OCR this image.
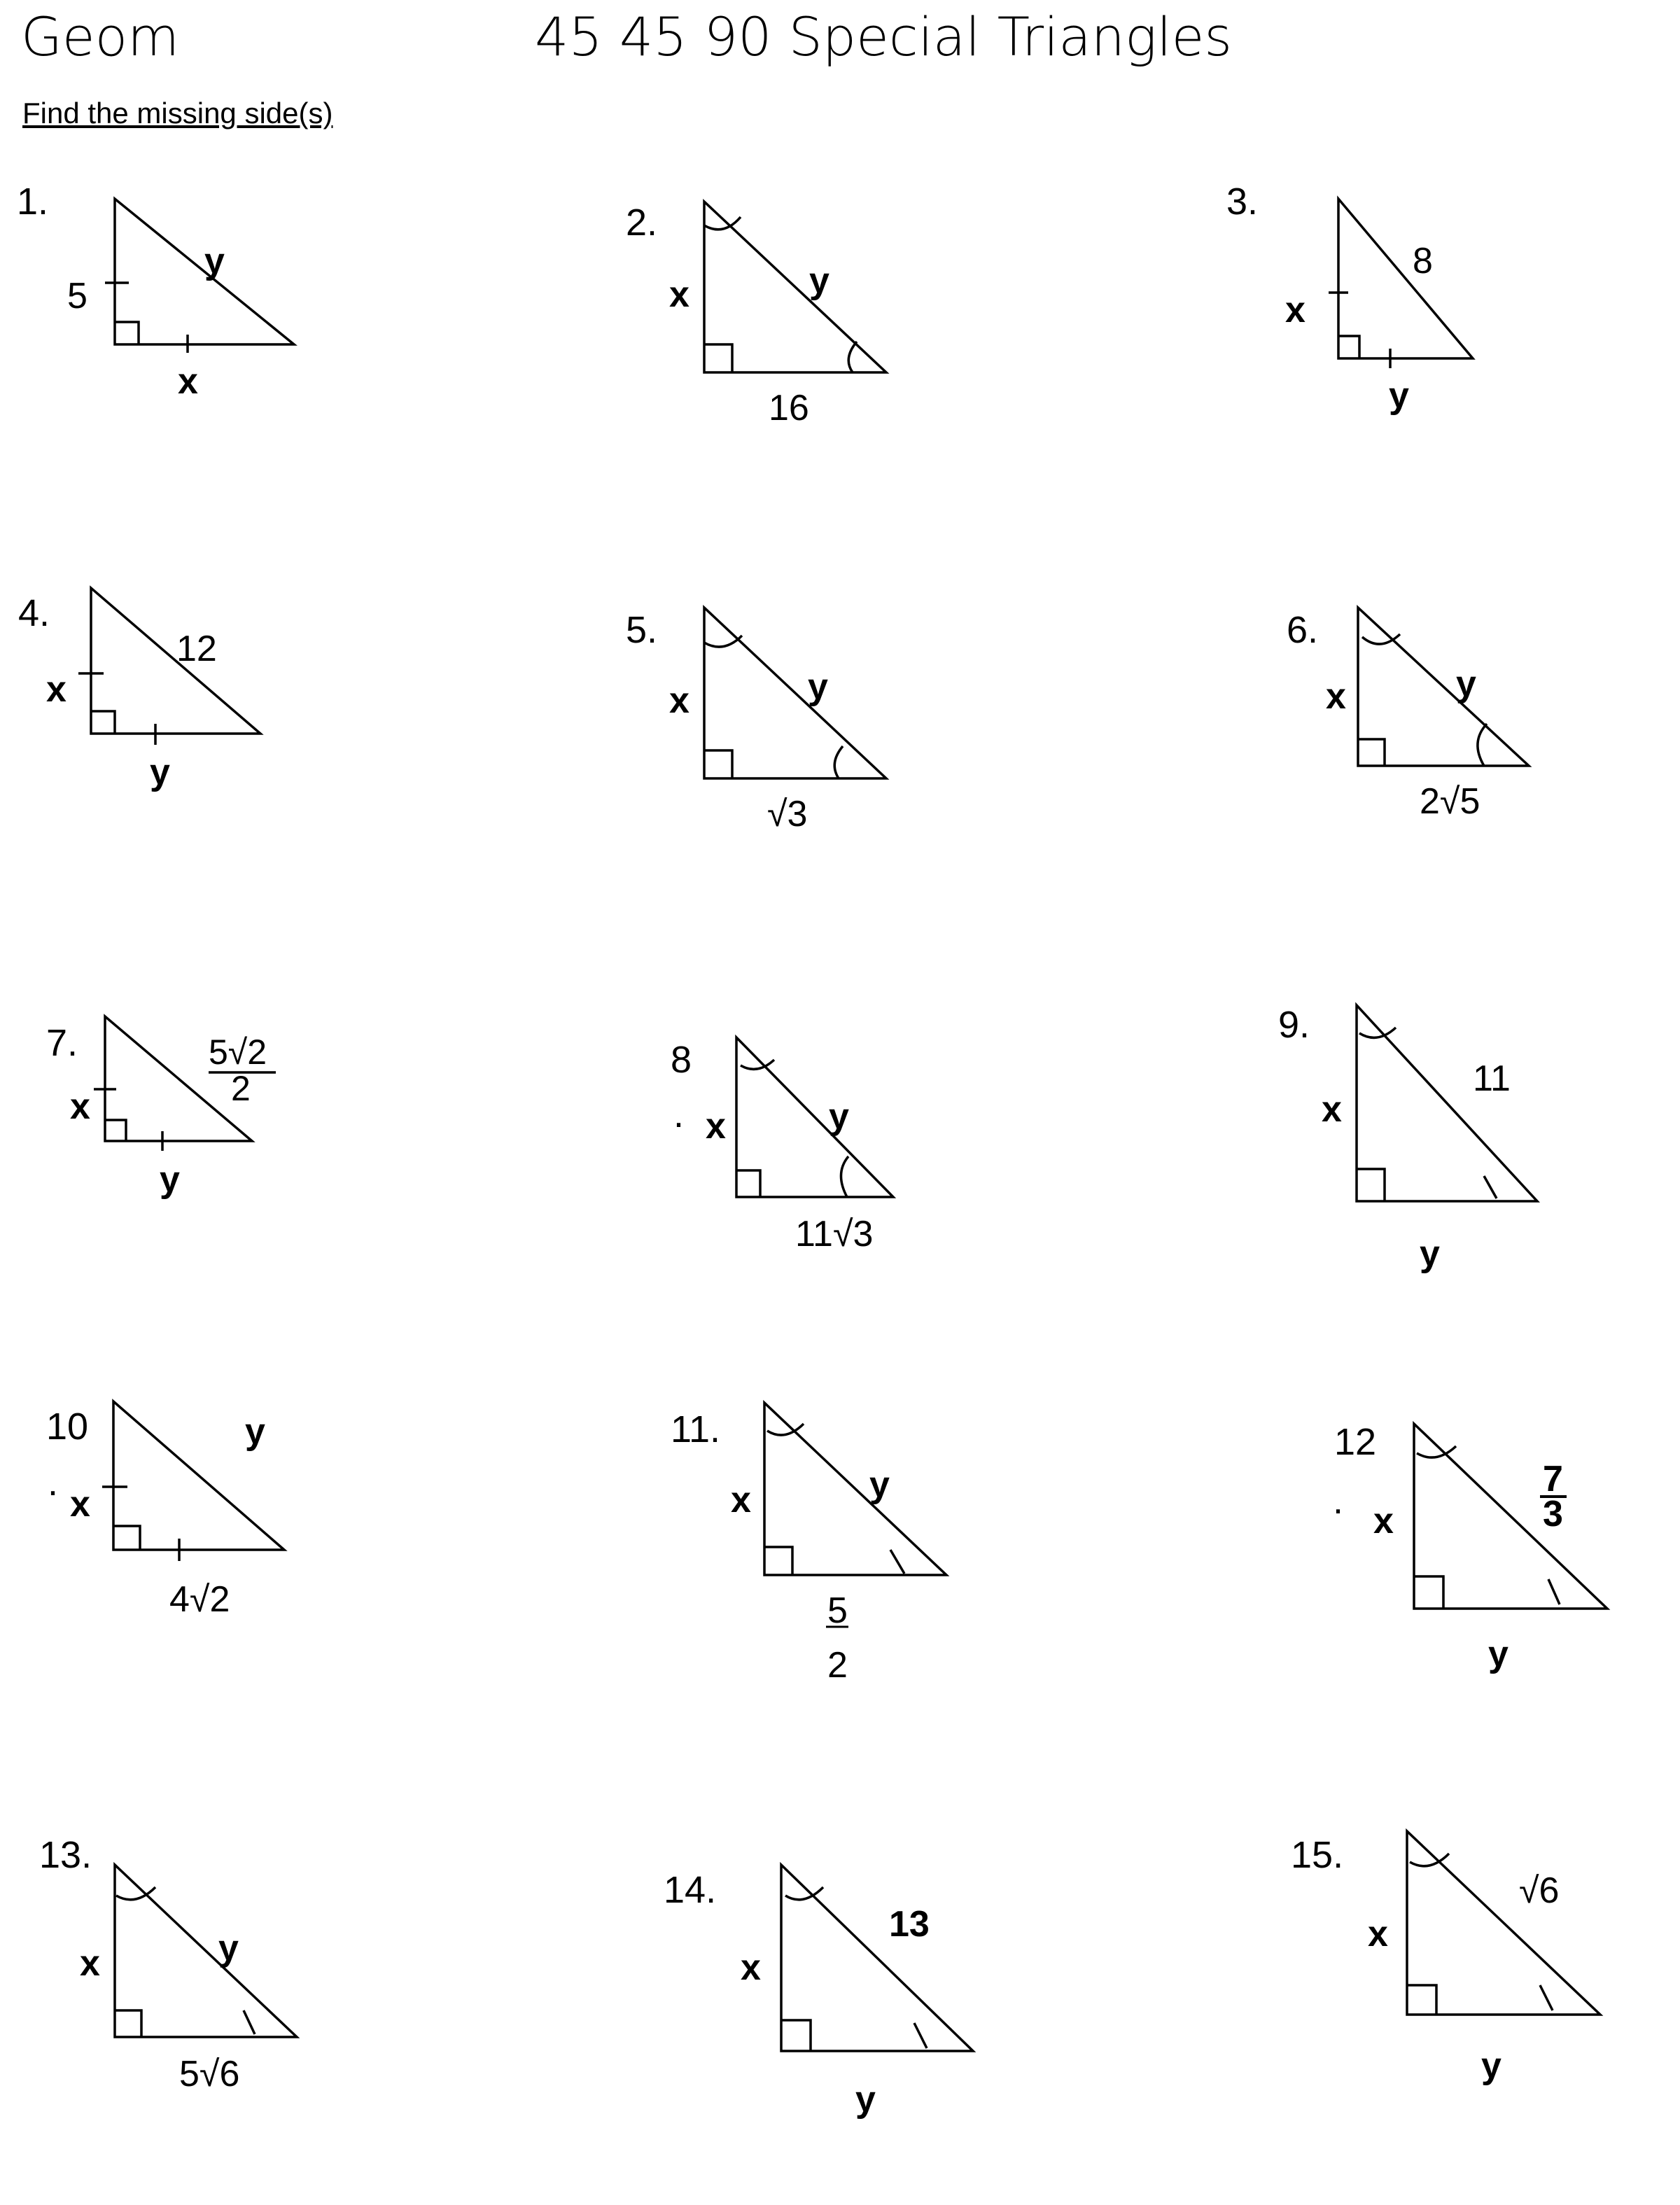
Geom	45 45 90 Special Triangles
Find the missing side(s)
1.	2.	3.
4.	5.	6.
7.	8
.
9.
10
.
11.	12
.
13.
14.
15.
5
y
x
x	y
16
x
8
y
x
12
y
x	y
√3
x	y
2√5
x
5√2
2
y
x	y
11√3
x
11
y
x
y
4√2
x	y
5
2
x
7
3
y
x	y
5√6
x
13
y
x
√6
y
